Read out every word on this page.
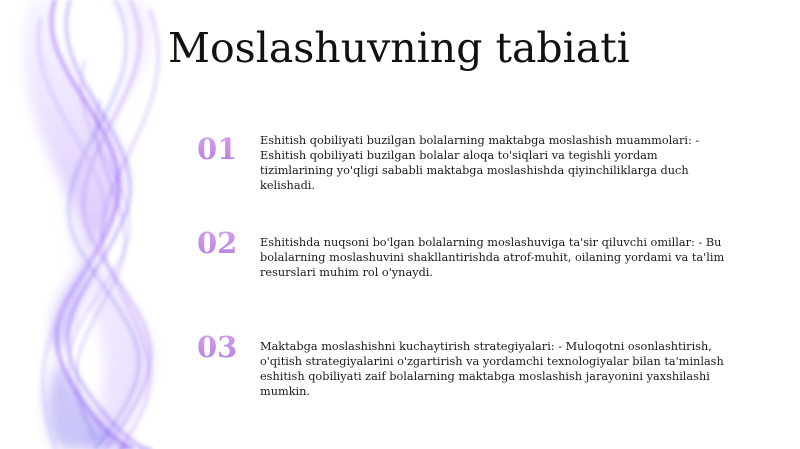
Moslashuvning tabiati
01	Eshitish qobiliyati buzilgan bolalarning maktabga moslashish muammolari: - Eshitish qobiliyati buzilgan bolalar aloqa to'siqlari va tegishli yordam tizimlarining yo'qligi sababli maktabga moslashishda qiyinchiliklarga duch kelishadi.
02	Eshitishda nuqsoni bo'lgan bolalarning moslashuviga ta'sir qiluvchi omillar: - Bu bolalarning moslashuvini shakllantirishda atrof-muhit, oilaning yordami va ta'lim resurslari muhim rol o'ynaydi.
03	Maktabga moslashishni kuchaytirish strategiyalari: - Muloqotni osonlashtirish, o'qitish strategiyalarini o'zgartirish va yordamchi texnologiyalar bilan ta'minlash eshitish qobiliyati zaif bolalarning maktabga moslashish jarayonini yaxshilashi mumkin.
